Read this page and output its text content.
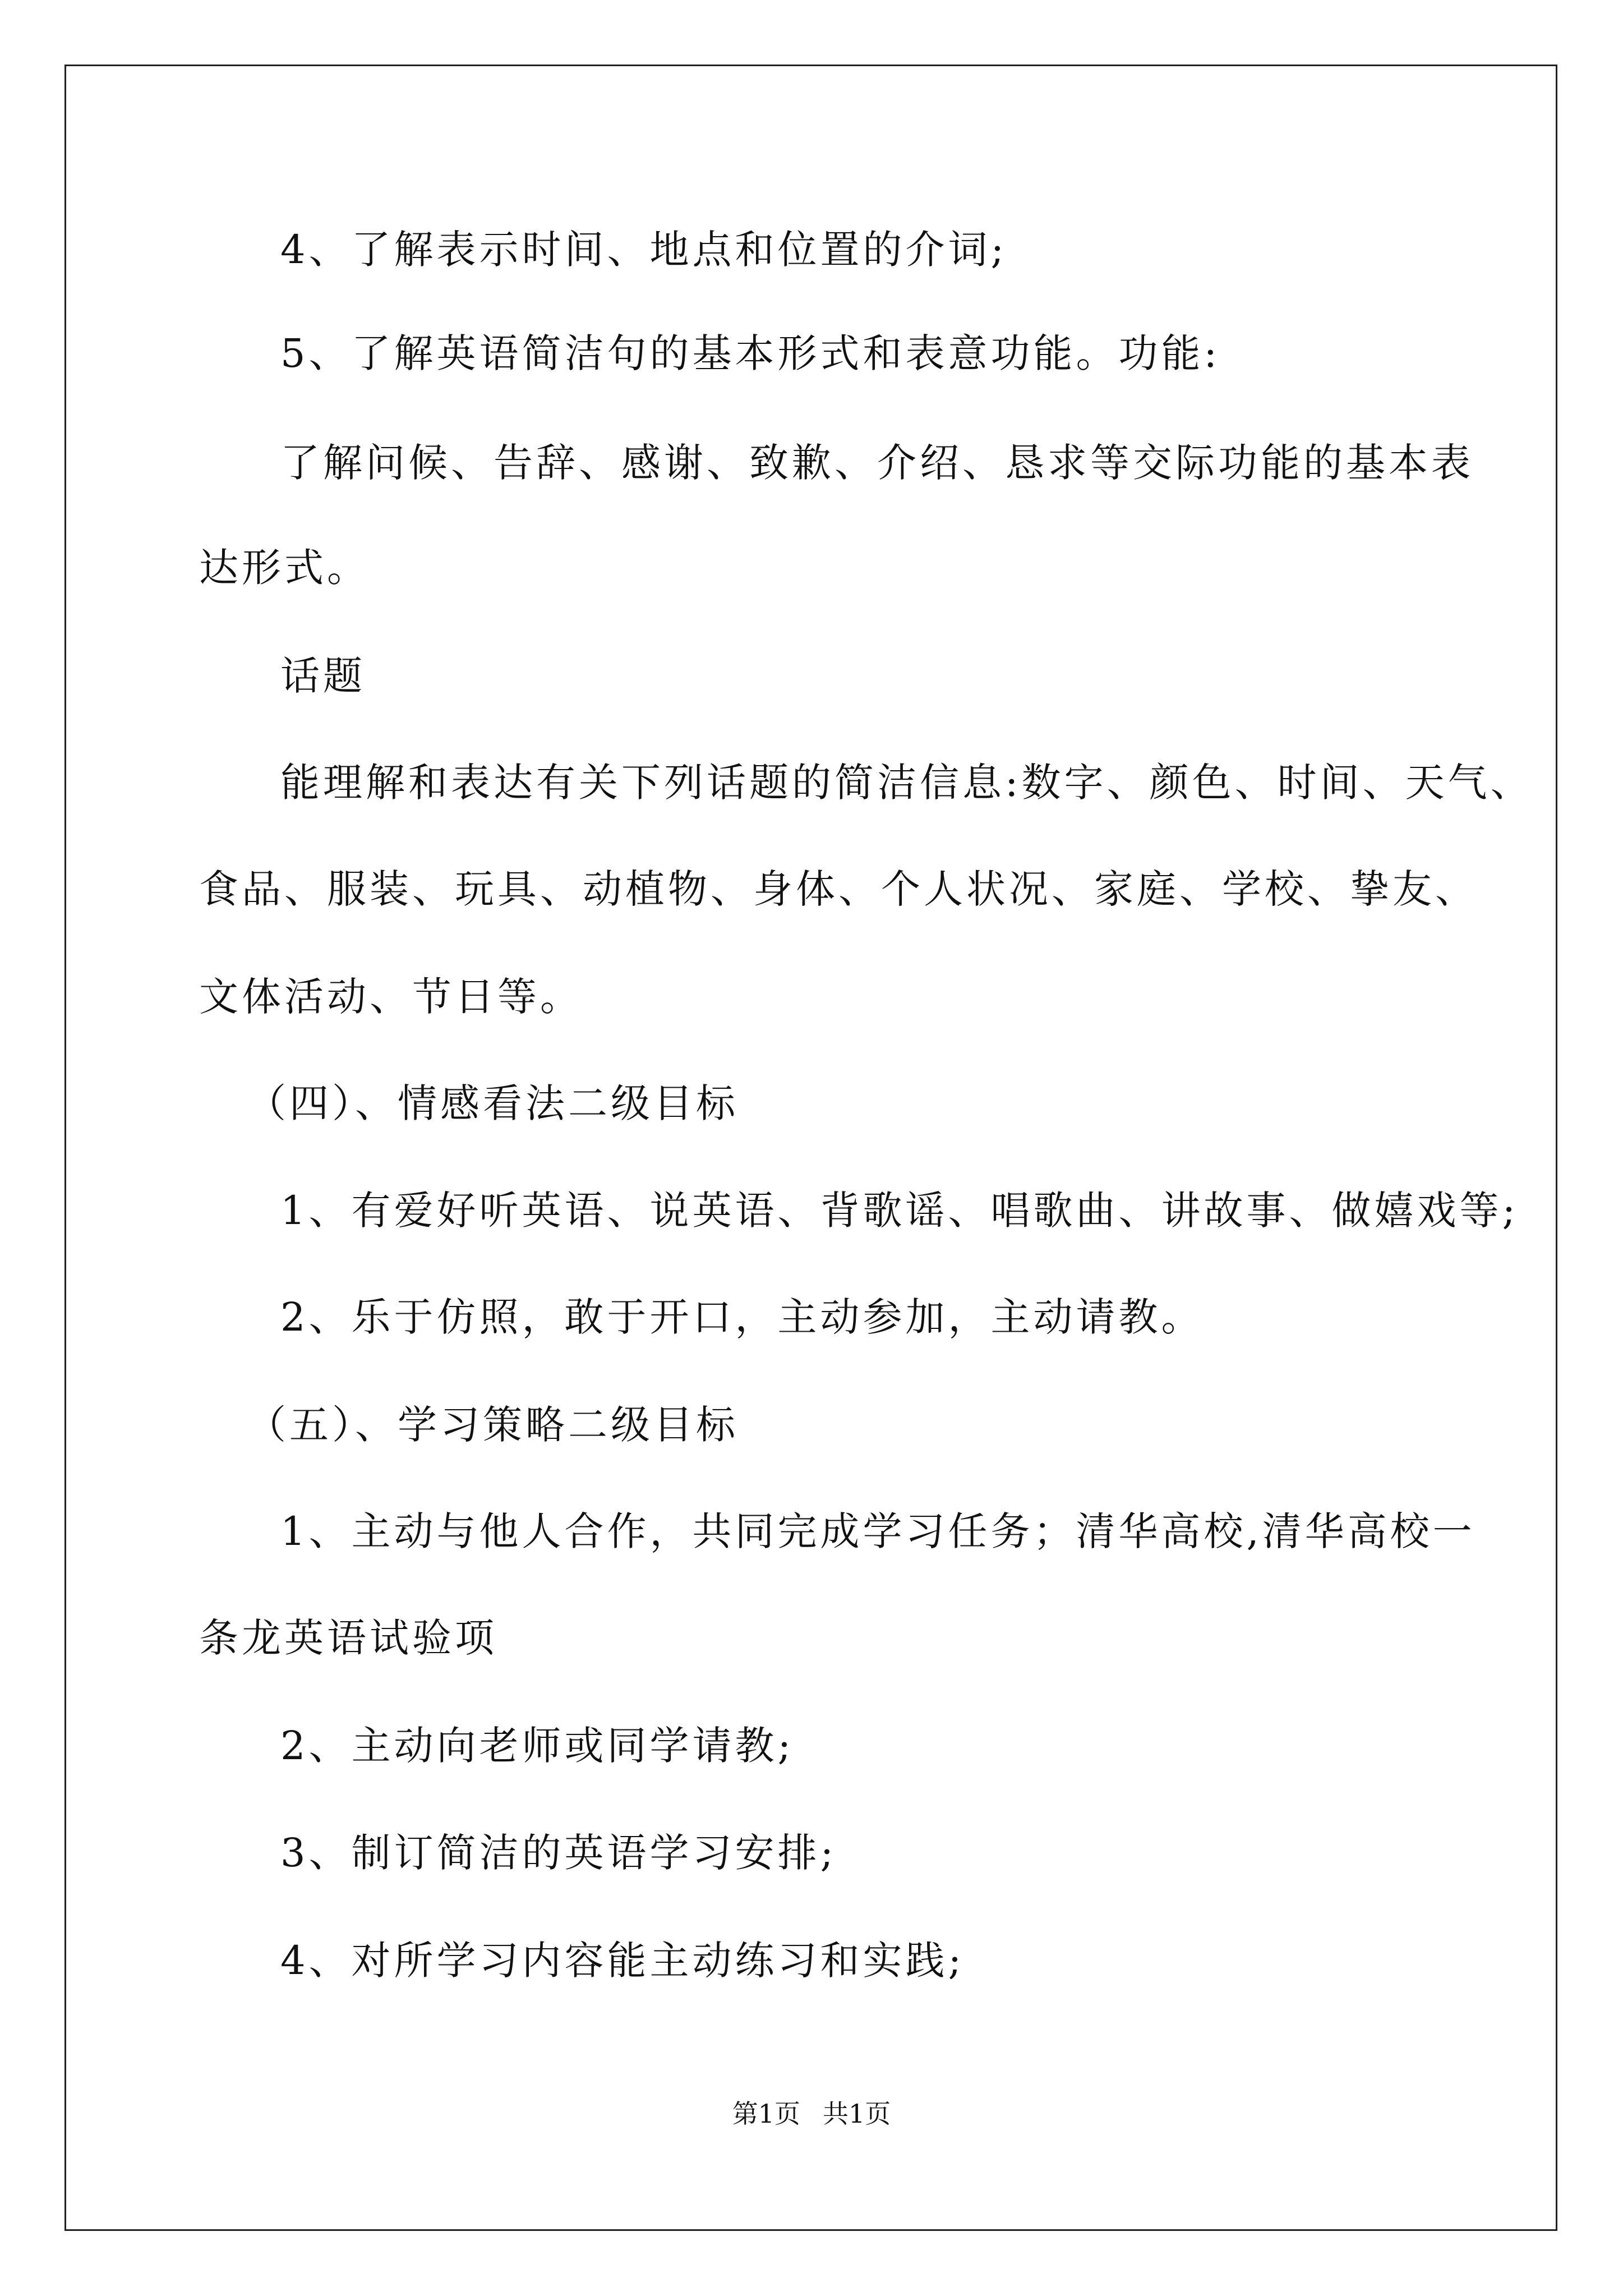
4、了解表示时间、地点和位置的介词;
5、了解英语简洁句的基本形式和表意功能。功能:
了解问候、告辞、感谢、致歉、介绍、恳求等交际功能的基本表
达形式。
话题
能理解和表达有关下列话题的简洁信息:数字、颜色、时间、天气、
食品、服装、玩具、动植物、身体、个人状况、家庭、学校、挚友、
文体活动、节日等。
（四）、情感看法二级目标
1、有爱好听英语、说英语、背歌谣、唱歌曲、讲故事、做嬉戏等;
2、乐于仿照，敢于开口，主动参加，主动请教。
（五）、学习策略二级目标
1、主动与他人合作，共同完成学习任务；清华高校,清华高校一
条龙英语试验项
2、主动向老师或同学请教;
3、制订简洁的英语学习安排;
4、对所学习内容能主动练习和实践;
第1页 共1页
